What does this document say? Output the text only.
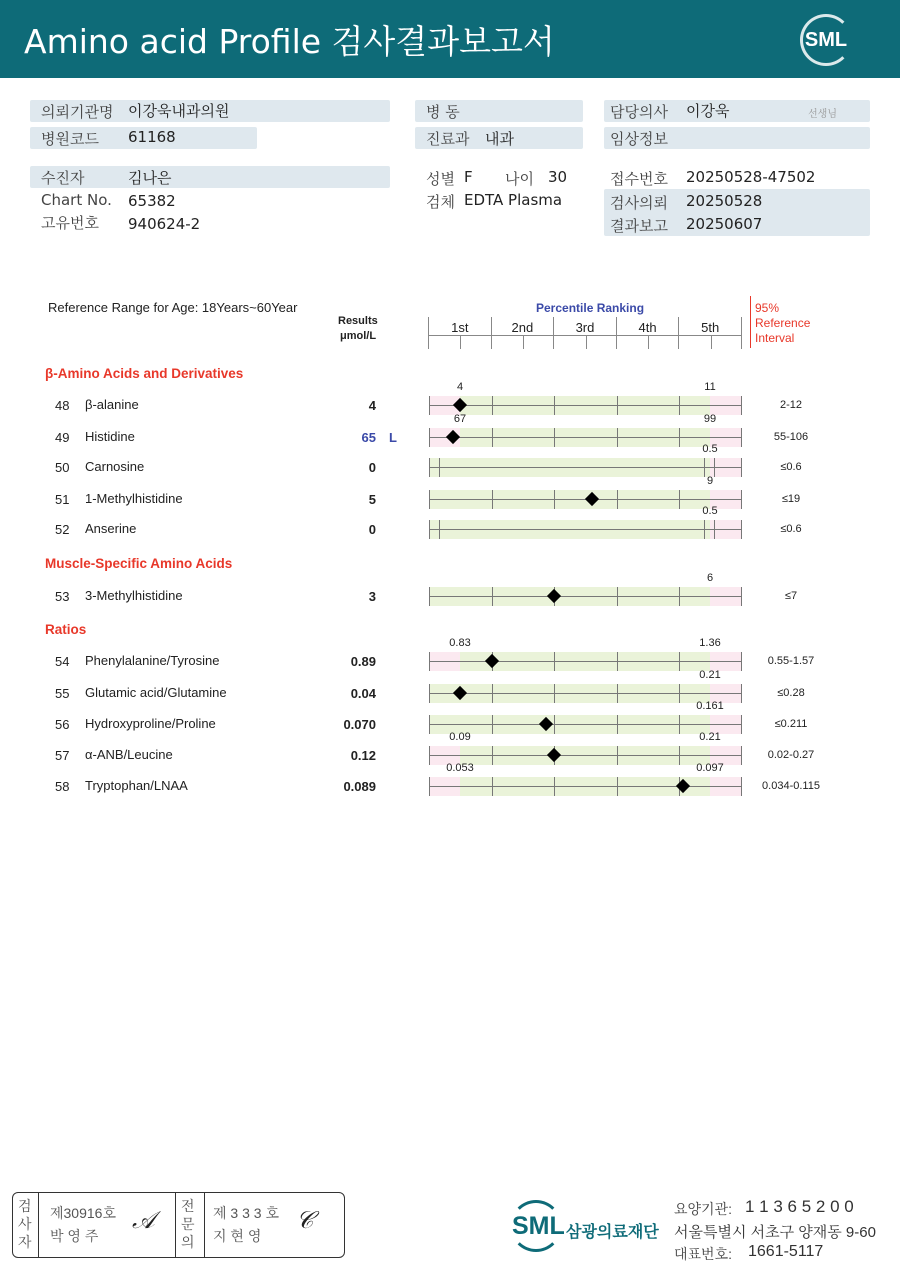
Amino acid Profile 검사결과보고서	SML
의뢰기관명 이강욱내과의원
병원코드 61168
병 동
진료과 내과
담당의사 이강욱	선생님
임상정보
수진자	김나은
Chart No. 65382
고유번호 940624-2
성별 F 나이 30
검체 EDTA Plasma
접수번호 20250528-47502
검사의뢰 20250528
결과보고 20250607
Reference Range for Age: 18Years~60Year
Results
μmol/L
Percentile Ranking
1st	2nd	3rd	4th	5th
95%
Reference
Interval
β-Amino Acids and Derivatives
48 β-alanine	4	2-12
4	11
49 Histidine	65 L	55-106
67	99
50 Carnosine	0	≤0.6
0.5
51 1-Methylhistidine	5	≤19
9
52 Anserine	0	≤0.6
0.5
Muscle-Specific Amino Acids
53 3-Methylhistidine	3	≤7
6
Ratios
54 Phenylalanine/Tyrosine	0.89	0.55-1.57
0.83	1.36
55 Glutamic acid/Glutamine	0.04	≤0.28
0.21
56 Hydroxyproline/Proline	0.070	≤0.211
0.161
57 α-ANB/Leucine	0.12	0.02-0.27
0.09	0.21
58 Tryptophan/LNAA	0.089	0.034-0.115
0.053	0.097
검사자
제30916호
박 영 주
𝒜 전문의
제 3 3 3 호
지 현 영
𝒞	SML 삼광의료재단
요양기관: 1 1 3 6 5 2 0 0
서울특별시 서초구 양재동 9-60
대표번호: 1661-5117
